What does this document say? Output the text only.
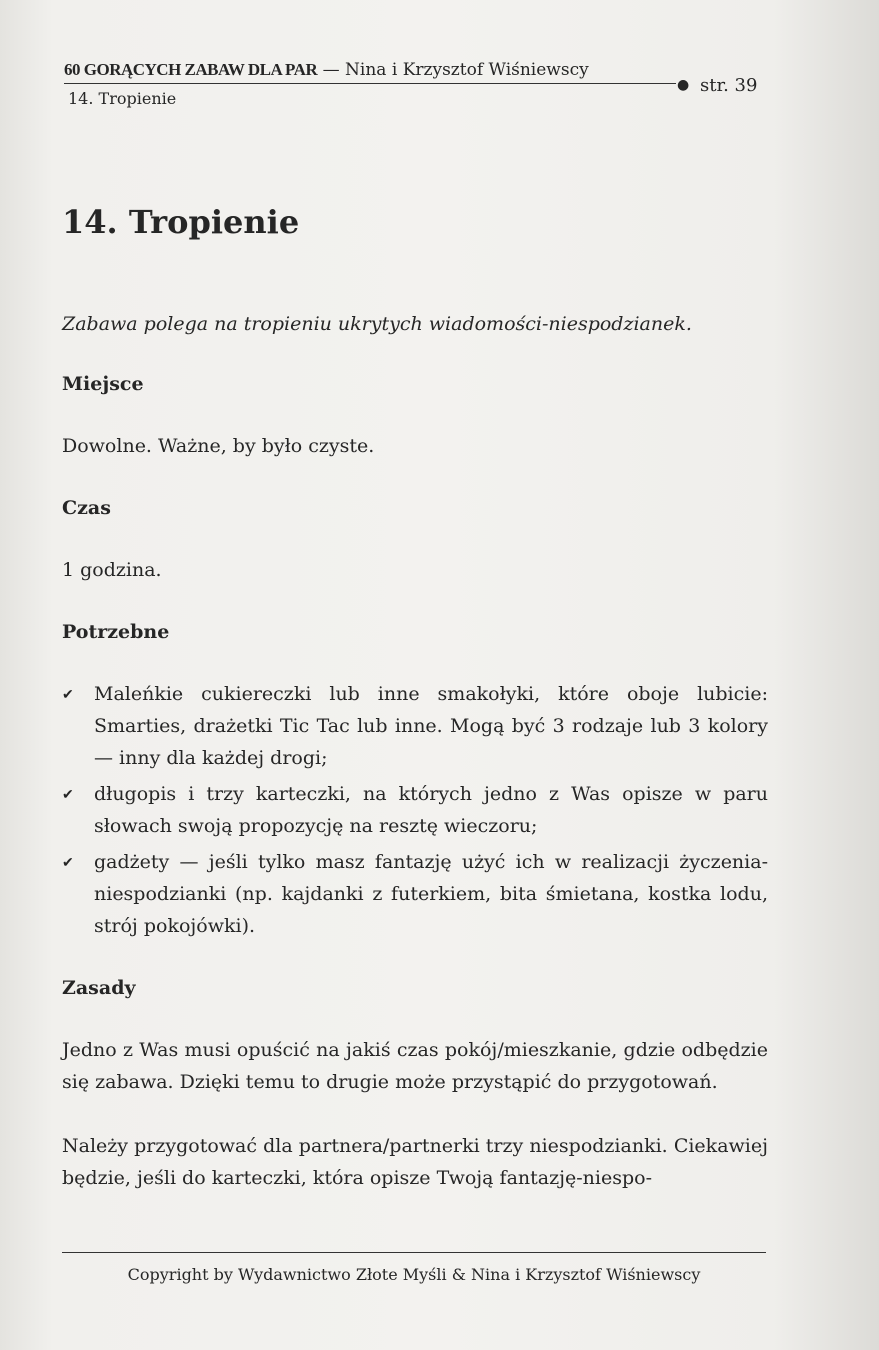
60 GORĄCYCH ZABAW DLA PAR — Nina i Krzysztof Wiśniewscy
● str. 39
14. Tropienie
14. Tropienie
Zabawa polega na tropieniu ukrytych wiadomości-niespodzianek.
Miejsce

Dowolne. Ważne, by było czyste.

Czas

1 godzina.

Potrzebne
✔ Maleńkie cukiereczki lub inne smakołyki, które oboje lubicie: Smarties, drażetki Tic Tac lub inne. Mogą być 3 rodzaje lub 3 kolory — inny dla każdej drogi;
✔ długopis i trzy karteczki, na których jedno z Was opisze w paru słowach swoją propozycję na resztę wieczoru;
✔ gadżety — jeśli tylko masz fantazję użyć ich w realizacji życzenia-niespodzianki (np. kajdanki z futerkiem, bita śmietana, kostka lodu, strój pokojówki).
Zasady

Jedno z Was musi opuścić na jakiś czas pokój/mieszkanie, gdzie odbędzie się zabawa. Dzięki temu to drugie może przystąpić do przygotowań.

Należy przygotować dla partnera/partnerki trzy niespodzianki. Ciekawiej będzie, jeśli do karteczki, która opisze Twoją fantazję-niespo-

Copyright by Wydawnictwo Złote Myśli & Nina i Krzysztof Wiśniewscy
